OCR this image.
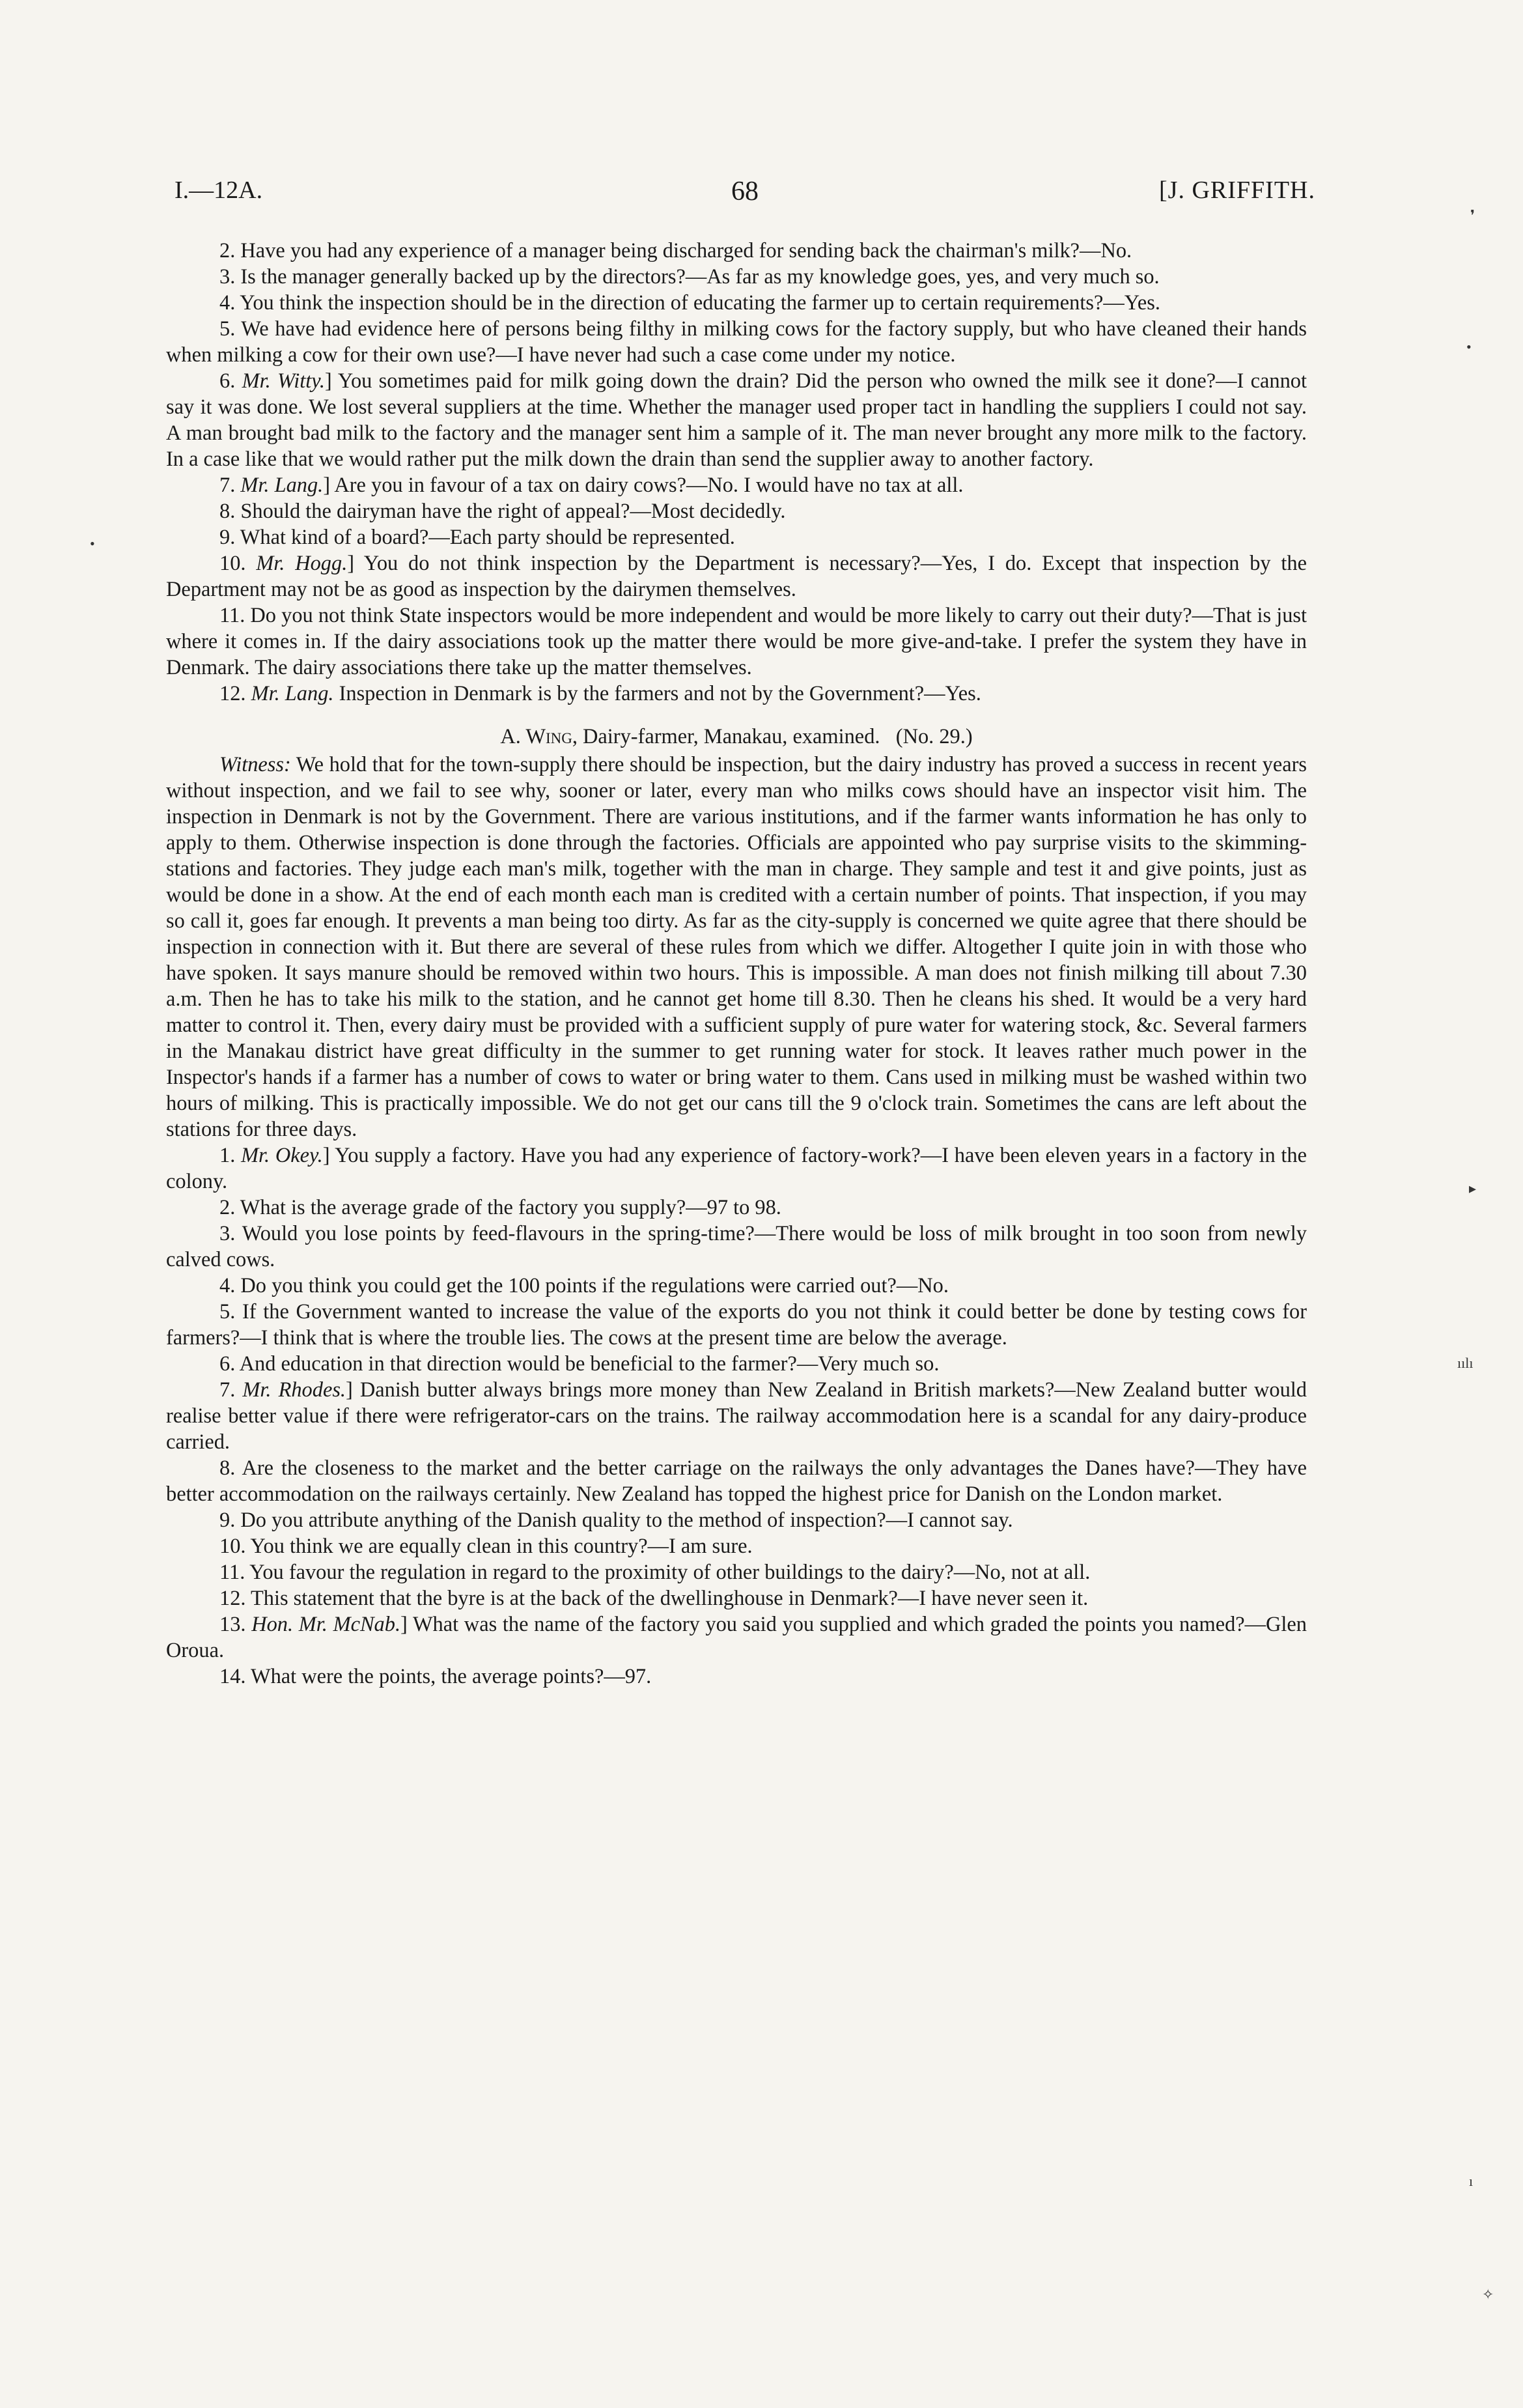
I.—12A.	68	[J. GRIFFITH.

2. Have you had any experience of a manager being discharged for sending back the chairman's milk?—No.

3. Is the manager generally backed up by the directors?—As far as my knowledge goes, yes, and very much so.

4. You think the inspection should be in the direction of educating the farmer up to certain requirements?—Yes.

5. We have had evidence here of persons being filthy in milking cows for the factory supply, but who have cleaned their hands when milking a cow for their own use?—I have never had such a case come under my notice.

6. Mr. Witty.] You sometimes paid for milk going down the drain? Did the person who owned the milk see it done?—I cannot say it was done. We lost several suppliers at the time. Whether the manager used proper tact in handling the suppliers I could not say. A man brought bad milk to the factory and the manager sent him a sample of it. The man never brought any more milk to the factory. In a case like that we would rather put the milk down the drain than send the supplier away to another factory.

7. Mr. Lang.] Are you in favour of a tax on dairy cows?—No. I would have no tax at all.

8. Should the dairyman have the right of appeal?—Most decidedly.

9. What kind of a board?—Each party should be represented.

10. Mr. Hogg.] You do not think inspection by the Department is necessary?—Yes, I do. Except that inspection by the Department may not be as good as inspection by the dairymen themselves.

11. Do you not think State inspectors would be more independent and would be more likely to carry out their duty?—That is just where it comes in. If the dairy associations took up the matter there would be more give-and-take. I prefer the system they have in Denmark. The dairy associations there take up the matter themselves.

12. Mr. Lang. Inspection in Denmark is by the farmers and not by the Government?—Yes.

A. Wing, Dairy-farmer, Manakau, examined. (No. 29.)

Witness: We hold that for the town-supply there should be inspection, but the dairy industry has proved a success in recent years without inspection, and we fail to see why, sooner or later, every man who milks cows should have an inspector visit him. The inspection in Denmark is not by the Government. There are various institutions, and if the farmer wants information he has only to apply to them. Otherwise inspection is done through the factories. Officials are appointed who pay surprise visits to the skimming-stations and factories. They judge each man's milk, together with the man in charge. They sample and test it and give points, just as would be done in a show. At the end of each month each man is credited with a certain number of points. That inspection, if you may so call it, goes far enough. It prevents a man being too dirty. As far as the city-supply is concerned we quite agree that there should be inspection in connection with it. But there are several of these rules from which we differ. Altogether I quite join in with those who have spoken. It says manure should be removed within two hours. This is impossible. A man does not finish milking till about 7.30 a.m. Then he has to take his milk to the station, and he cannot get home till 8.30. Then he cleans his shed. It would be a very hard matter to control it. Then, every dairy must be provided with a sufficient supply of pure water for watering stock, &c. Several farmers in the Manakau district have great difficulty in the summer to get running water for stock. It leaves rather much power in the Inspector's hands if a farmer has a number of cows to water or bring water to them. Cans used in milking must be washed within two hours of milking. This is practically impossible. We do not get our cans till the 9 o'clock train. Sometimes the cans are left about the stations for three days.

1. Mr. Okey.] You supply a factory. Have you had any experience of factory-work?—I have been eleven years in a factory in the colony.

2. What is the average grade of the factory you supply?—97 to 98.

3. Would you lose points by feed-flavours in the spring-time?—There would be loss of milk brought in too soon from newly calved cows.

4. Do you think you could get the 100 points if the regulations were carried out?—No.

5. If the Government wanted to increase the value of the exports do you not think it could better be done by testing cows for farmers?—I think that is where the trouble lies. The cows at the present time are below the average.

6. And education in that direction would be beneficial to the farmer?—Very much so.

7. Mr. Rhodes.] Danish butter always brings more money than New Zealand in British markets?—New Zealand butter would realise better value if there were refrigerator-cars on the trains. The railway accommodation here is a scandal for any dairy-produce carried.

8. Are the closeness to the market and the better carriage on the railways the only advantages the Danes have?—They have better accommodation on the railways certainly. New Zealand has topped the highest price for Danish on the London market.

9. Do you attribute anything of the Danish quality to the method of inspection?—I cannot say.

10. You think we are equally clean in this country?—I am sure.

11. You favour the regulation in regard to the proximity of other buildings to the dairy?—No, not at all.

12. This statement that the byre is at the back of the dwellinghouse in Denmark?—I have never seen it.

13. Hon. Mr. McNab.] What was the name of the factory you said you supplied and which graded the points you named?—Glen Oroua.

14. What were the points, the average points?—97.

❜
•
•
▸
ıılı
ı
✧
